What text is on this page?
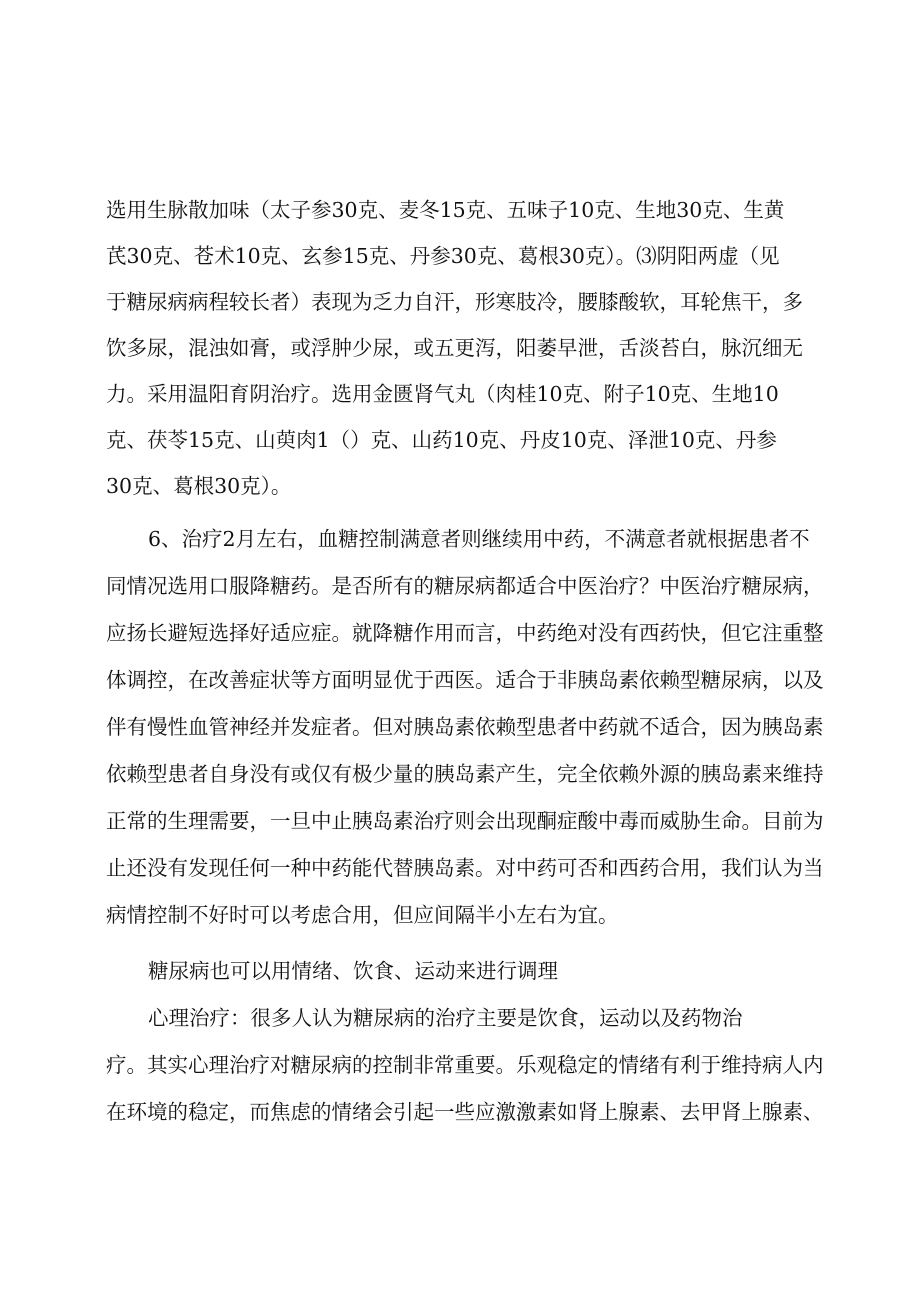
选用生脉散加味（太子参30克、麦冬15克、五味子10克、生地30克、生黄
芪30克、苍术10克、玄参15克、丹参30克、葛根30克）。⑶阴阳两虚（见
于糖尿病病程较长者）表现为乏力自汗，形寒肢冷，腰膝酸软，耳轮焦干，多
饮多尿，混浊如膏，或浮肿少尿，或五更泻，阳萎早泄，舌淡苔白，脉沉细无
力。采用温阳育阴治疗。选用金匮肾气丸（肉桂10克、附子10克、生地10
克、茯苓15克、山萸肉1（）克、山药10克、丹皮10克、泽泄10克、丹参
30克、葛根30克）。
6、治疗2月左右，血糖控制满意者则继续用中药，不满意者就根据患者不
同情况选用口服降糖药。是否所有的糖尿病都适合中医治疗？中医治疗糖尿病，
应扬长避短选择好适应症。就降糖作用而言，中药绝对没有西药快，但它注重整
体调控，在改善症状等方面明显优于西医。适合于非胰岛素依赖型糖尿病，以及
伴有慢性血管神经并发症者。但对胰岛素依赖型患者中药就不适合，因为胰岛素
依赖型患者自身没有或仅有极少量的胰岛素产生，完全依赖外源的胰岛素来维持
正常的生理需要，一旦中止胰岛素治疗则会出现酮症酸中毒而威胁生命。目前为
止还没有发现任何一种中药能代替胰岛素。对中药可否和西药合用，我们认为当
病情控制不好时可以考虑合用，但应间隔半小左右为宜。
糖尿病也可以用情绪、饮食、运动来进行调理
心理治疗：很多人认为糖尿病的治疗主要是饮食，运动以及药物治
疗。其实心理治疗对糖尿病的控制非常重要。乐观稳定的情绪有利于维持病人内
在环境的稳定，而焦虑的情绪会引起一些应激激素如肾上腺素、去甲肾上腺素、
